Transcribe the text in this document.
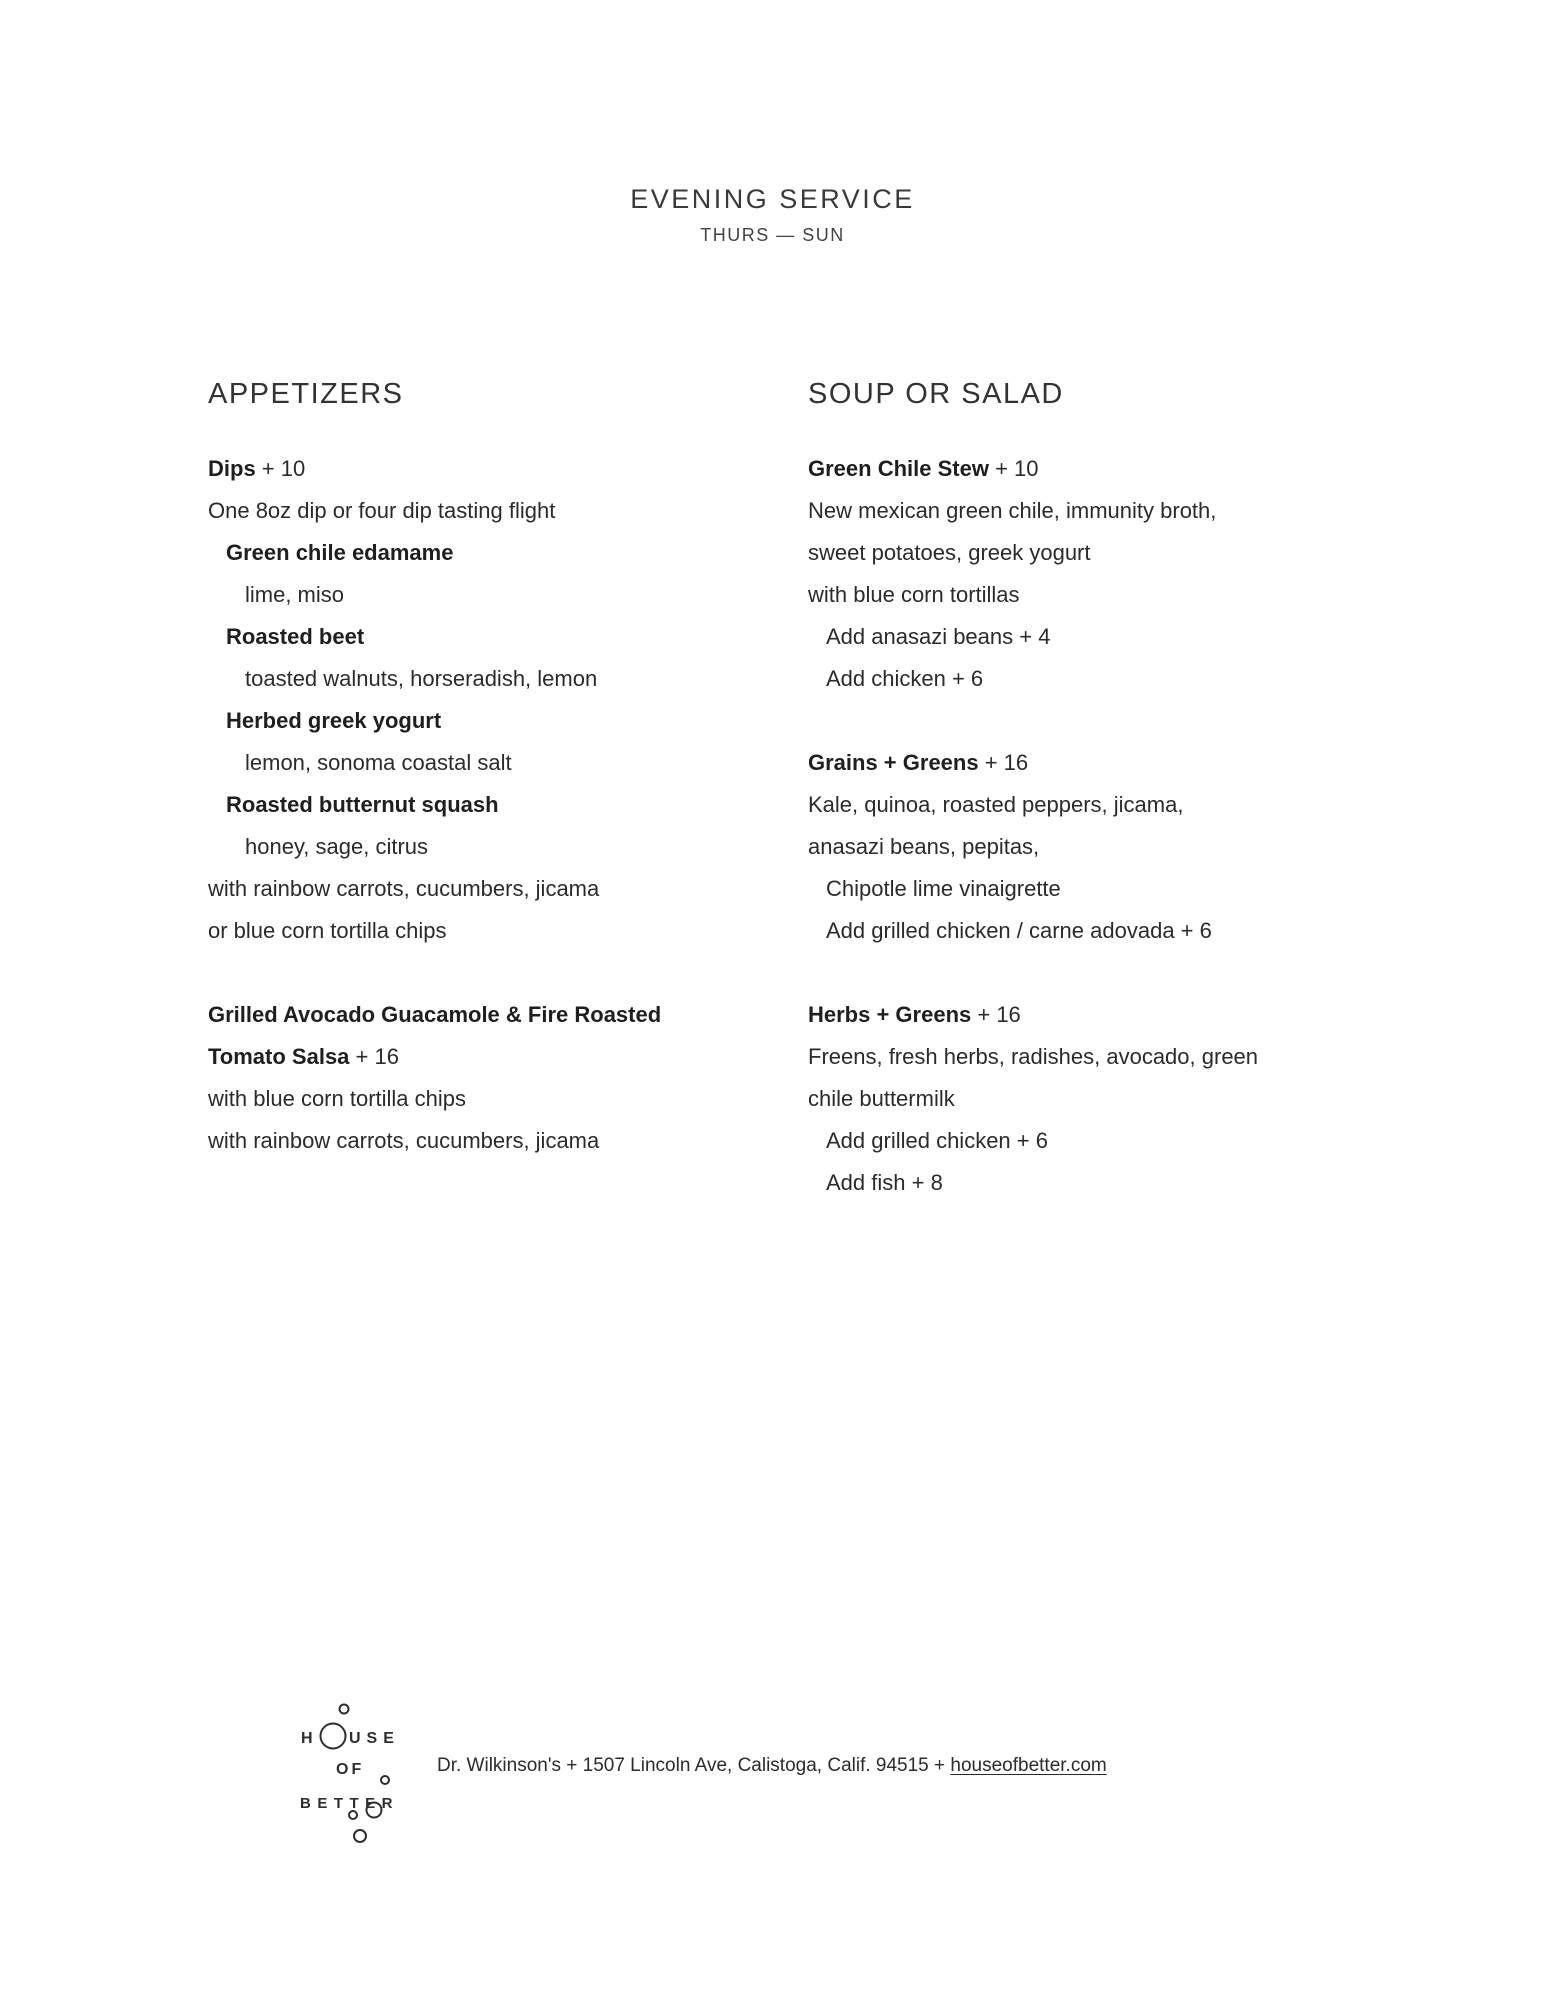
EVENING SERVICE
THURS — SUN
APPETIZERS
Dips + 10
One 8oz dip or four dip tasting flight
Green chile edamame
lime, miso
Roasted beet
toasted walnuts, horseradish, lemon
Herbed greek yogurt
lemon, sonoma coastal salt
Roasted butternut squash
honey, sage, citrus
with rainbow carrots, cucumbers, jicama
or blue corn tortilla chips

Grilled Avocado Guacamole & Fire Roasted
Tomato Salsa + 16
with blue corn tortilla chips
with rainbow carrots, cucumbers, jicama
SOUP OR SALAD
Green Chile Stew + 10
New mexican green chile, immunity broth,
sweet potatoes, greek yogurt
with blue corn tortillas
Add anasazi beans + 4
Add chicken + 6

Grains + Greens + 16
Kale, quinoa, roasted peppers, jicama,
anasazi beans, pepitas,
Chipotle lime vinaigrette
Add grilled chicken / carne adovada + 6

Herbs + Greens + 16
Freens, fresh herbs, radishes, avocado, green
chile buttermilk
Add grilled chicken + 6
Add fish + 8
H USE
OF
BETTER
Dr. Wilkinson's + 1507 Lincoln Ave, Calistoga, Calif. 94515 + houseofbetter.com
